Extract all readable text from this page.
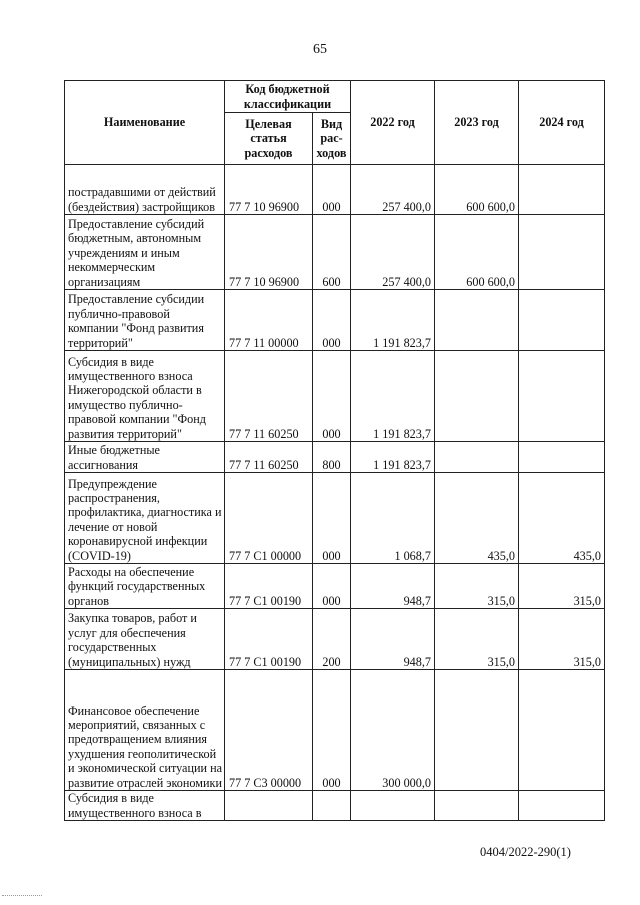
65
Наименование	Код бюджетной классификации		2022 год	2023 год	2024 год
	Целевая статья расходов	Вид рас-ходов			
пострадавшими от действий (бездействия) застройщиков	77 7 10 96900	000	257 400,0	600 600,0	
Предоставление субсидий бюджетным, автономным учреждениям и иным некоммерческим организациям	77 7 10 96900	600	257 400,0	600 600,0	
Предоставление субсидии публично-правовой компании "Фонд развития территорий"	77 7 11 00000	000	1 191 823,7		
Субсидия в виде имущественного взноса Нижегородской области в имущество публично-правовой компании "Фонд развития территорий"	77 7 11 60250	000	1 191 823,7		
Иные бюджетные ассигнования	77 7 11 60250	800	1 191 823,7		
Предупреждение распространения, профилактика, диагностика и лечение от новой коронавирусной инфекции (COVID-19)	77 7 С1 00000	000	1 068,7	435,0	435,0
Расходы на обеспечение функций государственных органов	77 7 С1 00190	000	948,7	315,0	315,0
Закупка товаров, работ и услуг для обеспечения государственных (муниципальных) нужд	77 7 С1 00190	200	948,7	315,0	315,0
Финансовое обеспечение мероприятий, связанных с предотвращением влияния ухудшения геополитической и экономической ситуации на развитие отраслей экономики	77 7 С3 00000	000	300 000,0		
Субсидия в виде имущественного взноса в					
0404/2022-290(1)
